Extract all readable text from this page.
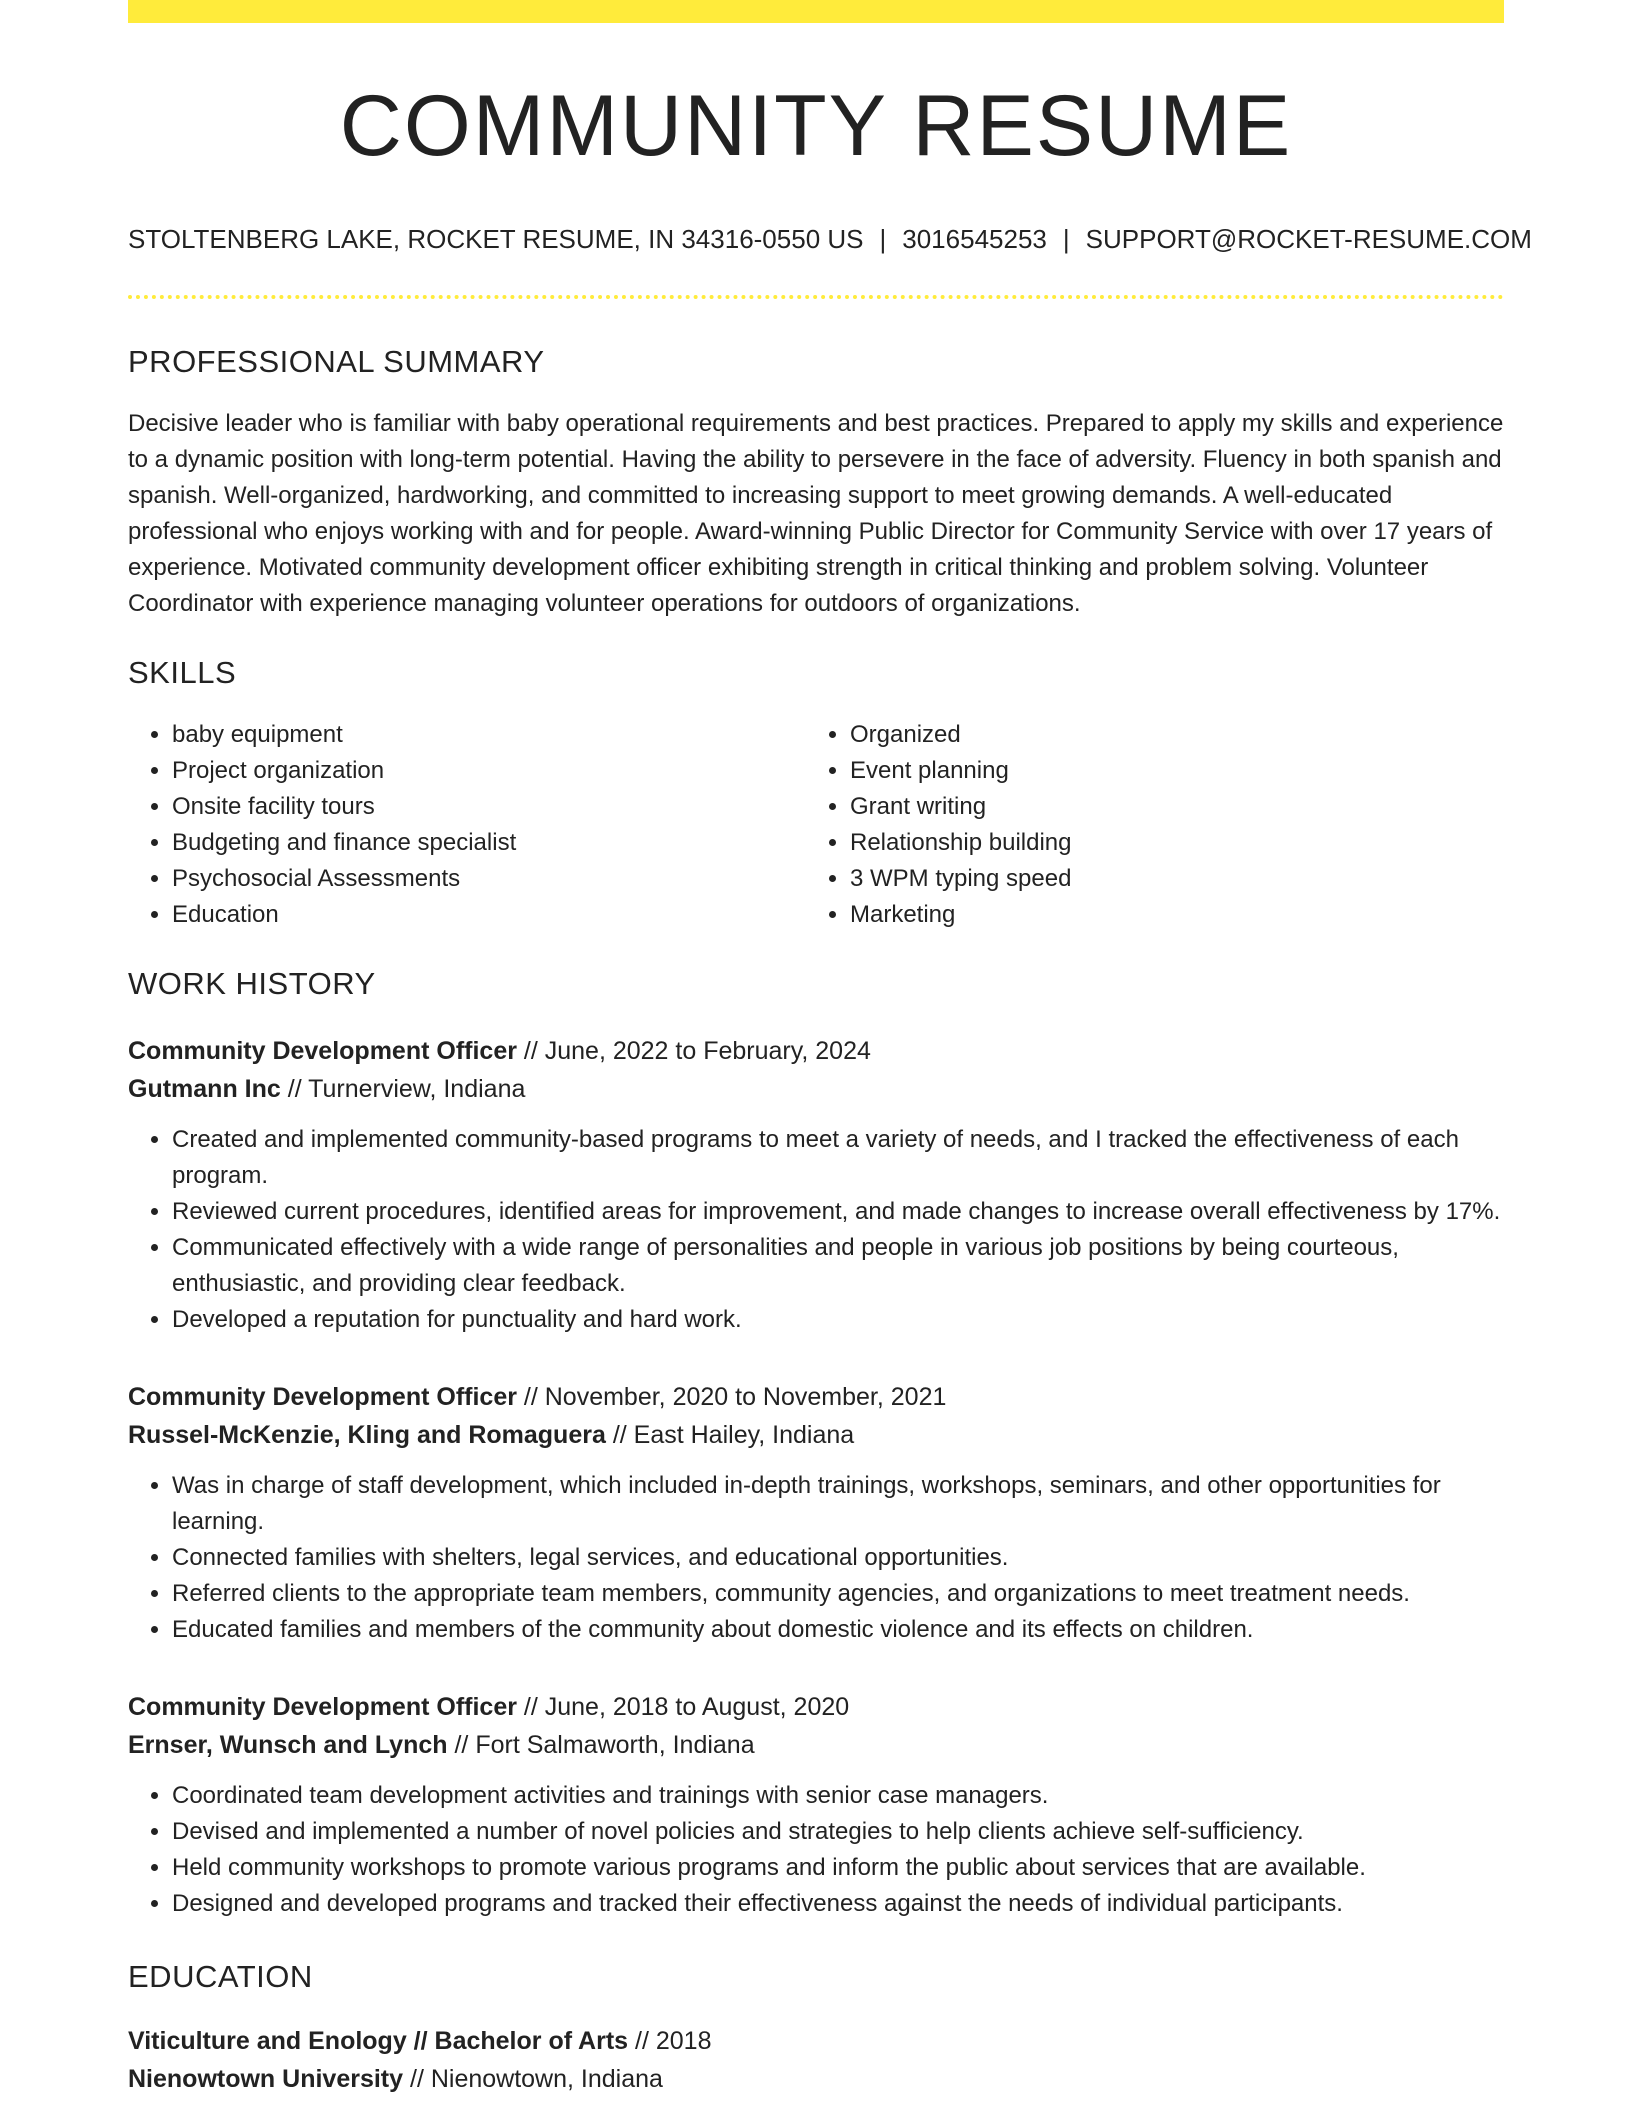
COMMUNITY RESUME
STOLTENBERG LAKE, ROCKET RESUME, IN 34316-0550 US | 3016545253 | SUPPORT@ROCKET-RESUME.COM
PROFESSIONAL SUMMARY

Decisive leader who is familiar with baby operational requirements and best practices. Prepared to apply my skills and experience to a dynamic position with long-term potential. Having the ability to persevere in the face of adversity. Fluency in both spanish and spanish. Well-organized, hardworking, and committed to increasing support to meet growing demands. A well-educated professional who enjoys working with and for people. Award-winning Public Director for Community Service with over 17 years of experience. Motivated community development officer exhibiting strength in critical thinking and problem solving. Volunteer Coordinator with experience managing volunteer operations for outdoors of organizations.

SKILLS
• baby equipment
• Project organization
• Onsite facility tours
• Budgeting and finance specialist
• Psychosocial Assessments
• Education
• Organized
• Event planning
• Grant writing
• Relationship building
• 3 WPM typing speed
• Marketing
WORK HISTORY
Community Development Officer // June, 2022 to February, 2024
Gutmann Inc // Turnerview, Indiana
• Created and implemented community-based programs to meet a variety of needs, and I tracked the effectiveness of each program.
• Reviewed current procedures, identified areas for improvement, and made changes to increase overall effectiveness by 17%.
• Communicated effectively with a wide range of personalities and people in various job positions by being courteous, enthusiastic, and providing clear feedback.
• Developed a reputation for punctuality and hard work.
Community Development Officer // November, 2020 to November, 2021
Russel-McKenzie, Kling and Romaguera // East Hailey, Indiana
• Was in charge of staff development, which included in-depth trainings, workshops, seminars, and other opportunities for learning.
• Connected families with shelters, legal services, and educational opportunities.
• Referred clients to the appropriate team members, community agencies, and organizations to meet treatment needs.
• Educated families and members of the community about domestic violence and its effects on children.
Community Development Officer // June, 2018 to August, 2020
Ernser, Wunsch and Lynch // Fort Salmaworth, Indiana
• Coordinated team development activities and trainings with senior case managers.
• Devised and implemented a number of novel policies and strategies to help clients achieve self-sufficiency.
• Held community workshops to promote various programs and inform the public about services that are available.
• Designed and developed programs and tracked their effectiveness against the needs of individual participants.
EDUCATION
Viticulture and Enology // Bachelor of Arts // 2018
Nienowtown University // Nienowtown, Indiana
